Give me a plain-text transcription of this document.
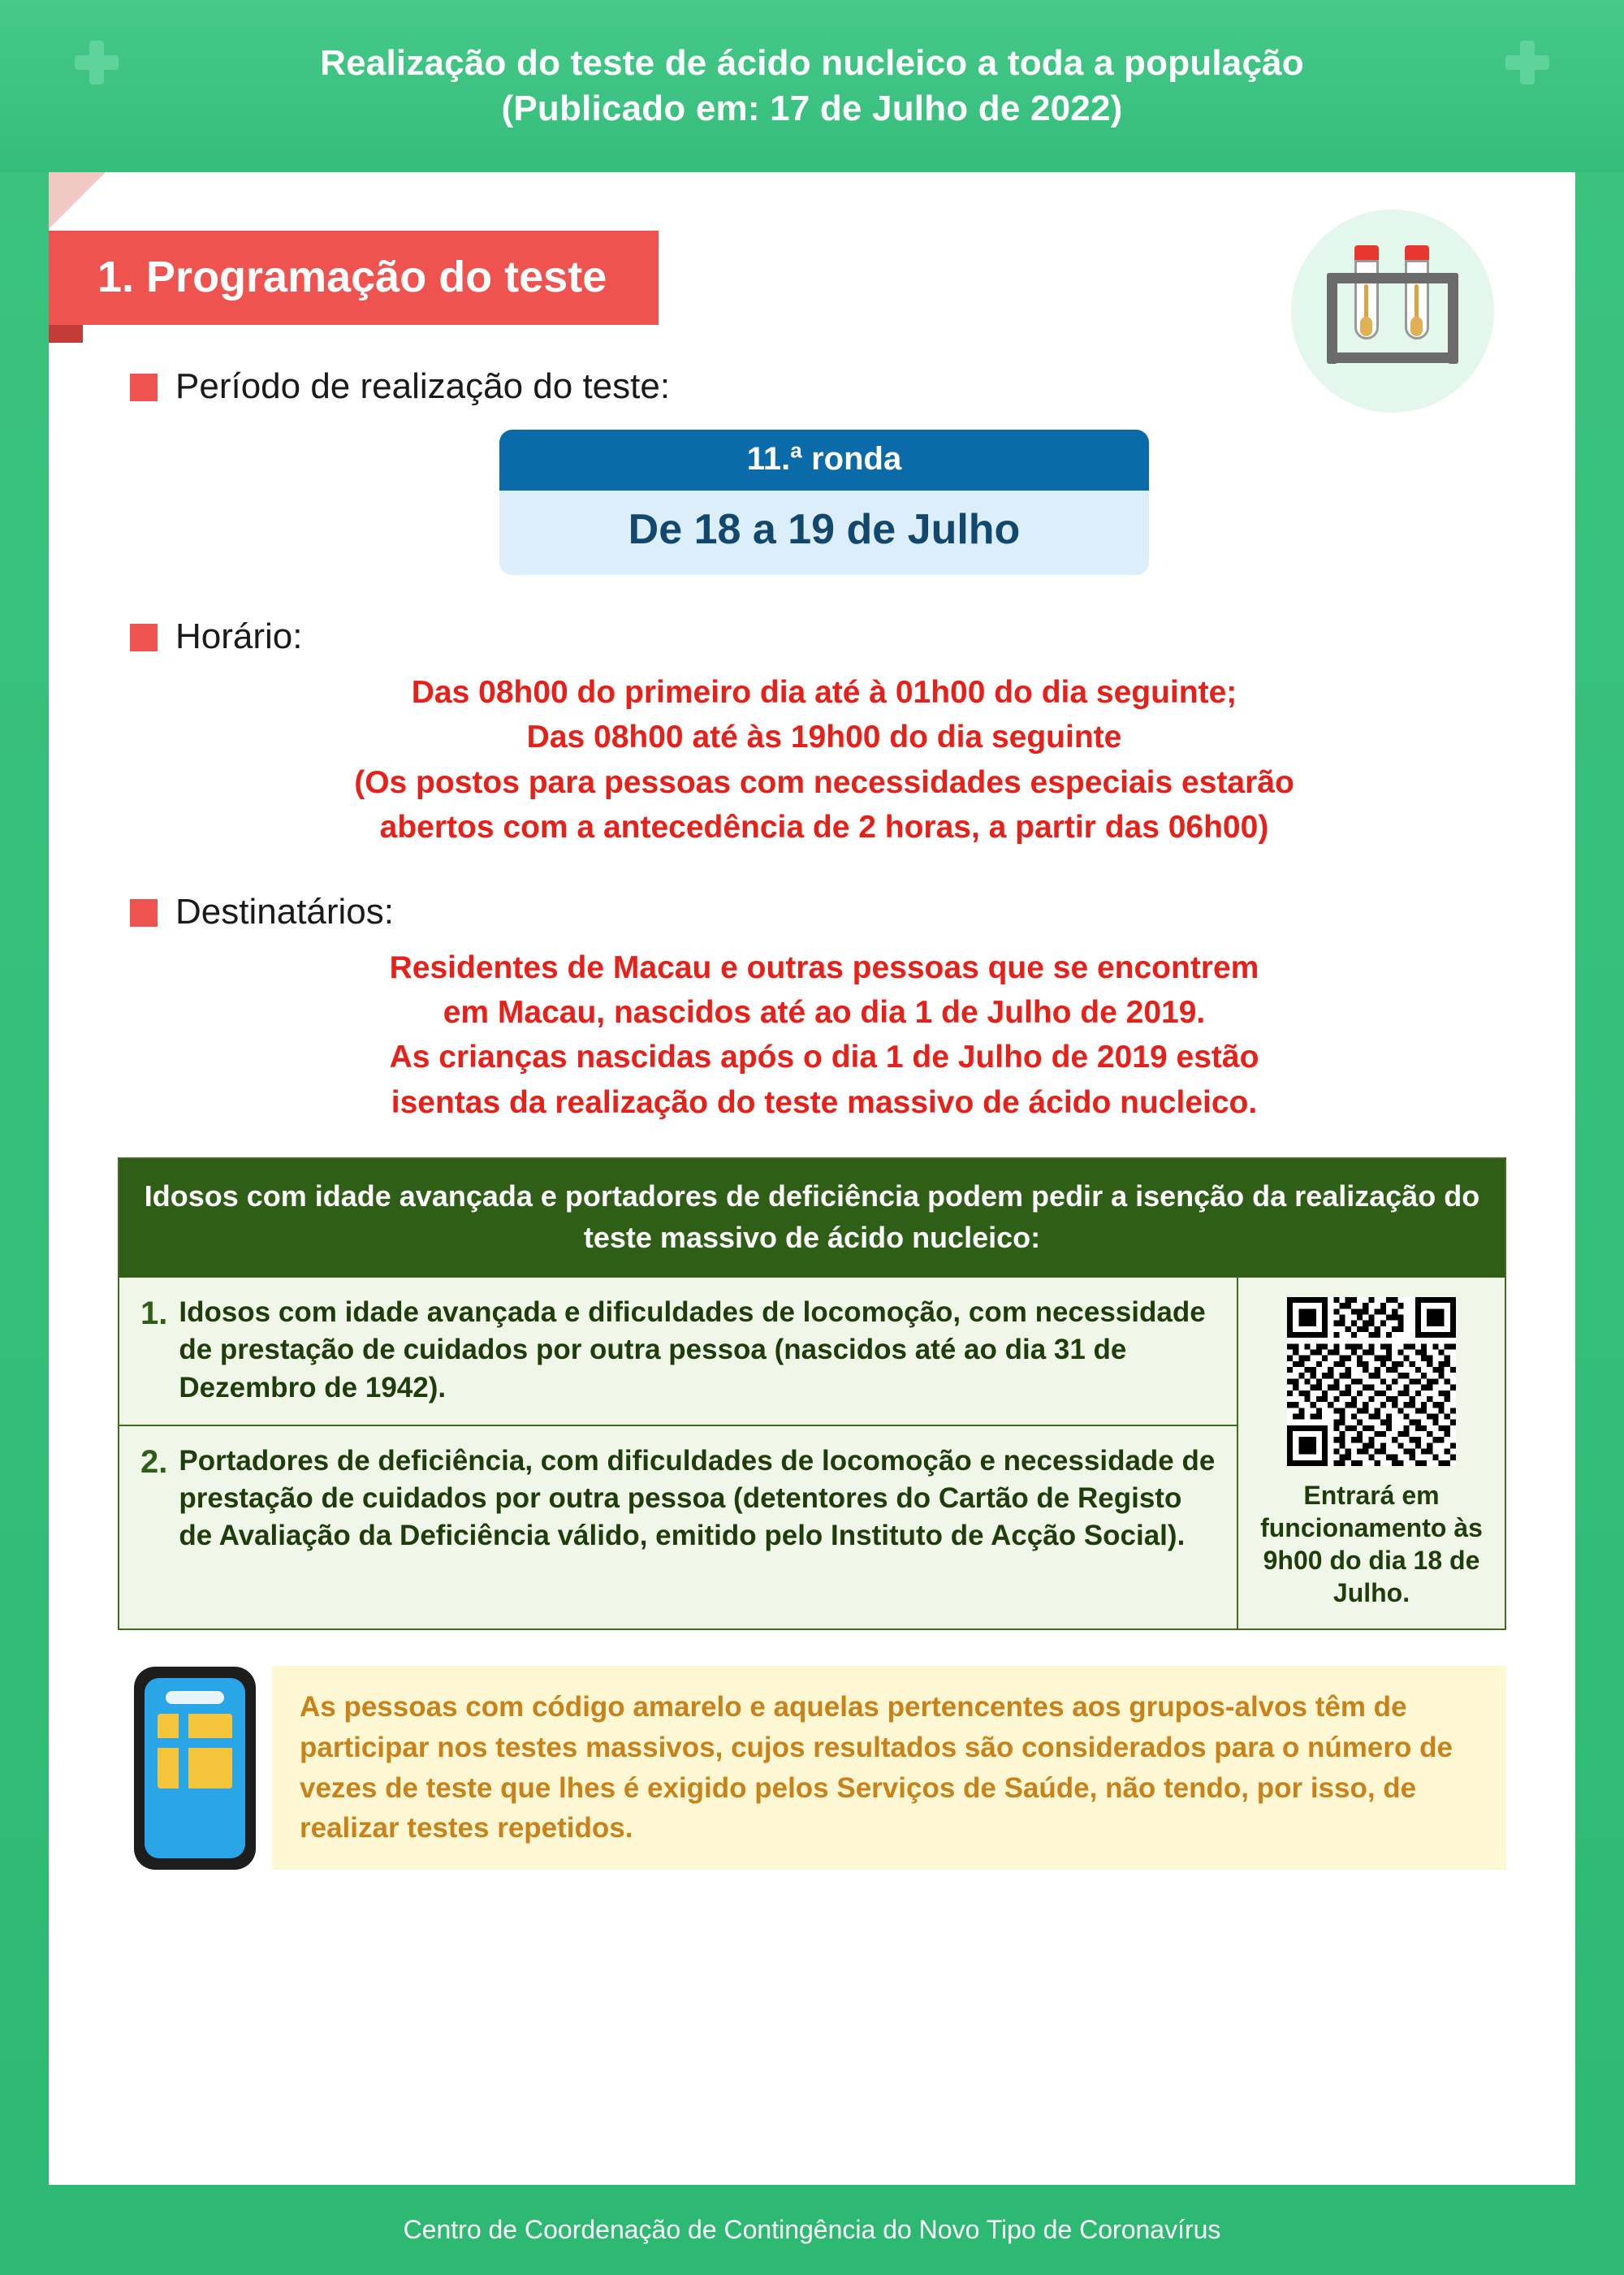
Realização do teste de ácido nucleico a toda a população
(Publicado em: 17 de Julho de 2022)
1. Programação do teste
Período de realização do teste:
11.ª ronda
De 18 a 19 de Julho
Horário:
Das 08h00 do primeiro dia até à 01h00 do dia seguinte;
Das 08h00 até às 19h00 do dia seguinte
(Os postos para pessoas com necessidades especiais estarão
abertos com a antecedência de 2 horas, a partir das 06h00)
Destinatários:
Residentes de Macau e outras pessoas que se encontrem
em Macau, nascidos até ao dia 1 de Julho de 2019.
As crianças nascidas após o dia 1 de Julho de 2019 estão
isentas da realização do teste massivo de ácido nucleico.
Idosos com idade avançada e portadores de deficiência podem pedir a isenção da realização do teste massivo de ácido nucleico:
1. Idosos com idade avançada e dificuldades de locomoção, com necessidade de prestação de cuidados por outra pessoa (nascidos até ao dia 31 de Dezembro de 1942).
2. Portadores de deficiência, com dificuldades de locomoção e necessidade de prestação de cuidados por outra pessoa (detentores do Cartão de Registo de Avaliação da Deficiência válido, emitido pelo Instituto de Acção Social).
Entrará em funcionamento às 9h00 do dia 18 de Julho.
As pessoas com código amarelo e aquelas pertencentes aos grupos-alvos têm de participar nos testes massivos, cujos resultados são considerados para o número de vezes de teste que lhes é exigido pelos Serviços de Saúde, não tendo, por isso, de realizar testes repetidos.
Centro de Coordenação de Contingência do Novo Tipo de Coronavírus
